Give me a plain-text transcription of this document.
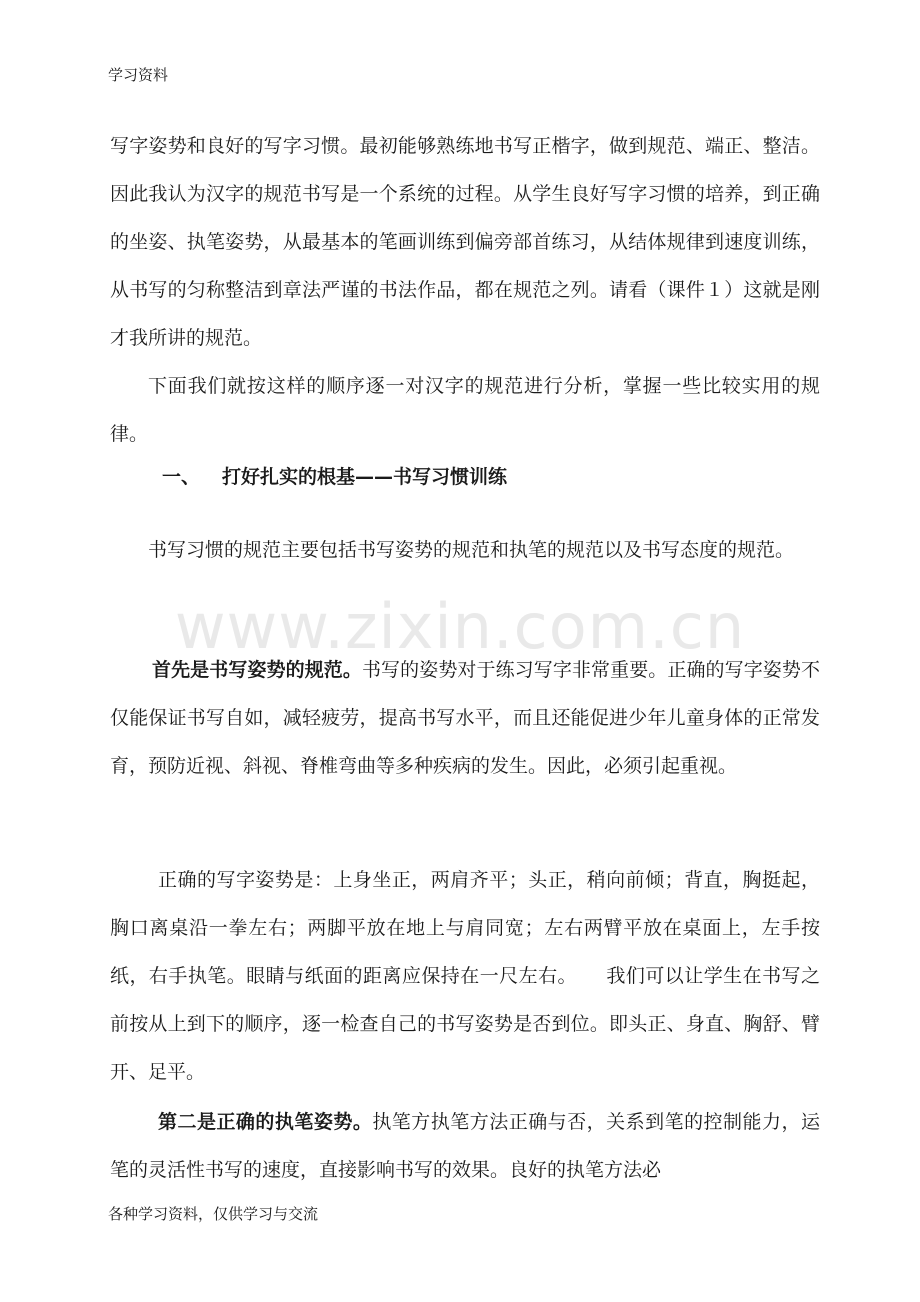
学习资料
www.zixin.com.cn
写字姿势和良好的写字习惯。最初能够熟练地书写正楷字，做到规范、端正、整洁。因此我认为汉字的规范书写是一个系统的过程。从学生良好写字习惯的培养，到正确的坐姿、执笔姿势，从最基本的笔画训练到偏旁部首练习，从结体规律到速度训练，从书写的匀称整洁到章法严谨的书法作品，都在规范之列。请看（课件１）这就是刚才我所讲的规范。
下面我们就按这样的顺序逐一对汉字的规范进行分析，掌握一些比较实用的规律。
一、 打好扎实的根基——书写习惯训练
书写习惯的规范主要包括书写姿势的规范和执笔的规范以及书写态度的规范。
首先是书写姿势的规范。书写的姿势对于练习写字非常重要。正确的写字姿势不仅能保证书写自如，减轻疲劳，提高书写水平，而且还能促进少年儿童身体的正常发育，预防近视、斜视、脊椎弯曲等多种疾病的发生。因此，必须引起重视。
正确的写字姿势是：上身坐正，两肩齐平；头正，稍向前倾；背直，胸挺起，胸口离桌沿一拳左右；两脚平放在地上与肩同宽；左右两臂平放在桌面上，左手按纸，右手执笔。眼睛与纸面的距离应保持在一尺左右。　　我们可以让学生在书写之前按从上到下的顺序，逐一检查自己的书写姿势是否到位。即头正、身直、胸舒、臂开、足平。
第二是正确的执笔姿势。执笔方执笔方法正确与否，关系到笔的控制能力，运笔的灵活性书写的速度，直接影响书写的效果。良好的执笔方法必
各种学习资料，仅供学习与交流
